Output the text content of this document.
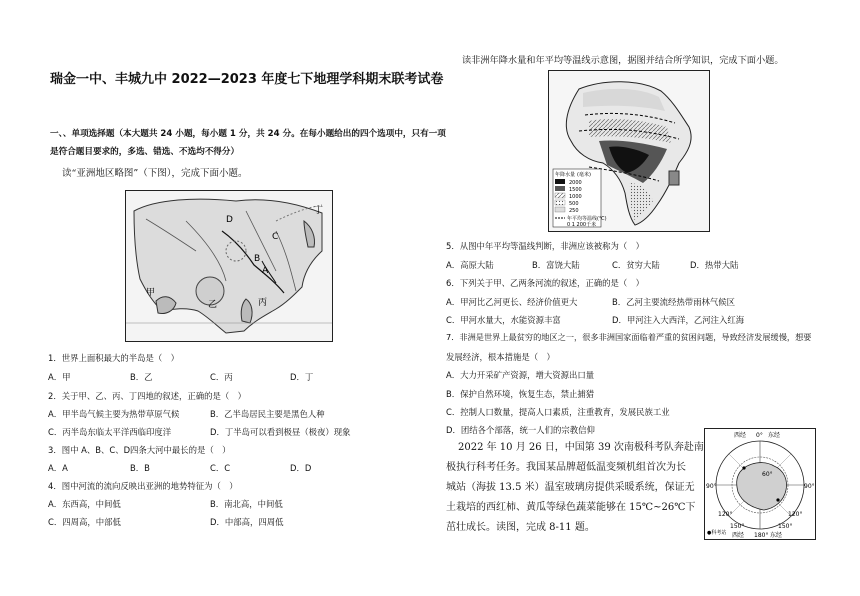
瑞金一中、丰城九中 2022—2023 年度七下地理学科期末联考试卷
一、、单项选择题（本大题共 24 小题，每小题 1 分，共 24 分。在每小题给出的四个选项中，只有一项
是符合题目要求的，多选、错选、不选均不得分）
读“亚洲地区略图”（下图），完成下面小题。
丁
D
C
B
A
甲
乙	丙
1．世界上面积最大的半岛是（　）
A．甲	B．乙	C．丙	D．丁
2．关于甲、乙、丙、丁四地的叙述，正确的是（　）
A．甲半岛气候主要为热带草原气候	B．乙半岛居民主要是黑色人种
C．丙半岛东临太平洋西临印度洋	D．丁半岛可以看到极昼（极夜）现象
3．图中 A、B、C、D四条大河中最长的是（　）
A．A	B．B	C．C	D．D
4．图中河流的流向反映出亚洲的地势特征为（　）
A．东西高，中间低	B．南北高，中间低
C．四周高，中部低	D．中部高，四周低
读非洲年降水量和年平均等温线示意图，据图并结合所学知识，完成下面小题。
年降水量 (毫米)
2000
1500
1000
500
250
年平均等温线(℃)
0 1 200千米
5．从图中年平均等温线判断，非洲应该被称为（　）
A．高原大陆	B．富饶大陆	C．贫穷大陆	D．热带大陆
6．下列关于甲、乙两条河流的叙述，正确的是（　）
A．甲河比乙河更长、经济价值更大	B．乙河主要流经热带雨林气候区
C．甲河水量大，水能资源丰富	D．甲河注入大西洋，乙河注入红海
7．非洲是世界上最贫穷的地区之一，很多非洲国家面临着严重的贫困问题，导致经济发展缓慢，想要
发展经济，根本措施是（　）
A．大力开采矿产资源，增大资源出口量
B．保护自然环境，恢复生态，禁止捕猎
C．控制人口数量，提高人口素质，注重教育，发展民族工业
D．团结各个部落，统一人们的宗教信仰
2022 年 10 月 26 日，中国第 39 次南极科考队奔赴南
极执行科考任务。我国某品牌超低温变频机组首次为长
城站（海拔 13.5 米）温室玻璃房提供采暖系统，保证无
土栽培的西红柿、黄瓜等绿色蔬菜能够在 15℃~26℃下
茁壮成长。读图，完成 8-11 题。
西经 0° 东经
90°	90°
60°
120°	120°
150°	150°
西经 180° 东经
●科考站
